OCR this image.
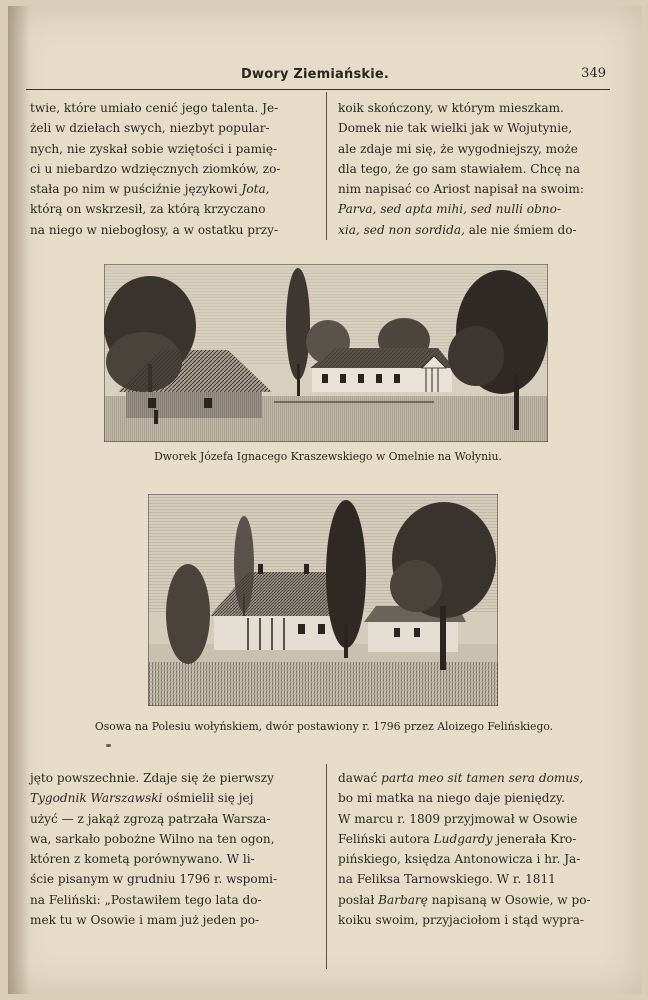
Dwory Ziemiańskie.	349
twie, które umiało cenić jego talenta. Je-
żeli w dziełach swych, niezbyt popular-
nych, nie zyskał sobie wziętości i pamię-
ci u niebardzo wdzięcznych ziomków, zo-
stała po nim w puściźnie językowi Jota,
którą on wskrzesił, za którą krzyczano
na niego w niebogłosy, a w ostatku przy-
koik skończony, w którym mieszkam.
Domek nie tak wielki jak w Wojutynie,
ale zdaje mi się, że wygodniejszy, może
dla tego, że go sam stawiałem. Chcę na
nim napisać co Ariost napisał na swoim:
Parva, sed apta mihi, sed nulli obno-
xia, sed non sordida, ale nie śmiem do-
Dworek Józefa Ignacego Kraszewskiego w Omelnie na Wołyniu.
Osowa na Polesiu wołyńskiem, dwór postawiony r. 1796 przez Aloizego Felińskiego.
jęto powszechnie. Zdaje się że pierwszy
Tygodnik Warszawski ośmielił się jej
użyć — z jakąż zgrozą patrzała Warsza-
wa, sarkało pobożne Wilno na ten ogon,
któren z kometą porównywano. W li-
ście pisanym w grudniu 1796 r. wspomi-
na Feliński: „Postawiłem tego lata do-
mek tu w Osowie i mam już jeden po-
dawać parta meo sit tamen sera domus,
bo mi matka na niego daje pieniędzy.
W marcu r. 1809 przyjmował w Osowie
Feliński autora Ludgardy jenerała Kro-
pińskiego, księdza Antonowicza i hr. Ja-
na Feliksa Tarnowskiego. W r. 1811
posłał Barbarę napisaną w Osowie, w po-
koiku swoim, przyjaciołom i stąd wypra-
